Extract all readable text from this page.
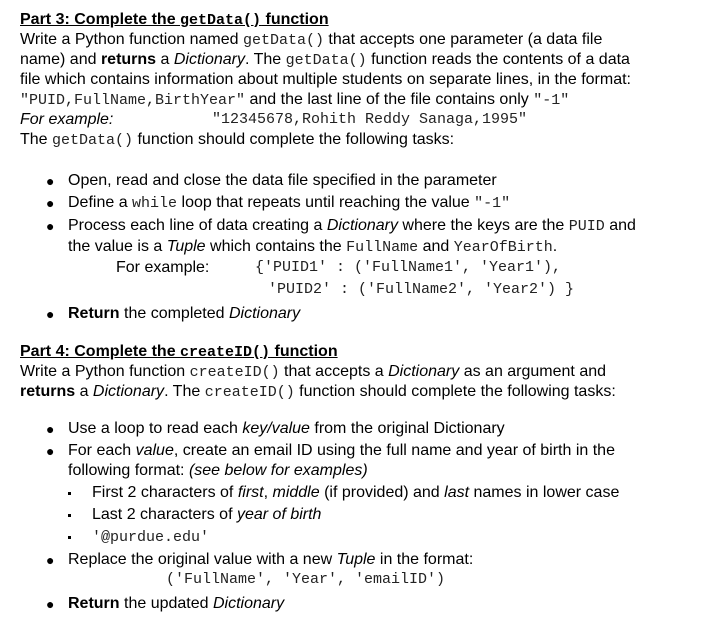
Part 3: Complete the getData() function
Write a Python function named getData() that accepts one parameter (a data file
name) and returns a Dictionary. The getData() function reads the contents of a data
file which contains information about multiple students on separate lines, in the format:
"PUID,FullName,BirthYear" and the last line of the file contains only "-1"
For example:	"12345678,Rohith Reddy Sanaga,1995"
The getData() function should complete the following tasks:
● Open, read and close the data file specified in the parameter
● Define a while loop that repeats until reaching the value "-1"
● Process each line of data creating a Dictionary where the keys are the PUID and
the value is a Tuple which contains the FullName and YearOfBirth.
For example:	{'PUID1' : ('FullName1', 'Year1'),
'PUID2' : ('FullName2', 'Year2') }
● Return the completed Dictionary
Part 4: Complete the createID() function
Write a Python function createID() that accepts a Dictionary as an argument and
returns a Dictionary. The createID() function should complete the following tasks:
● Use a loop to read each key/value from the original Dictionary
● For each value, create an email ID using the full name and year of birth in the
following format: (see below for examples)
First 2 characters of first, middle (if provided) and last names in lower case
Last 2 characters of year of birth
'@purdue.edu'
● Replace the original value with a new Tuple in the format:
('FullName', 'Year', 'emailID')
● Return the updated Dictionary
